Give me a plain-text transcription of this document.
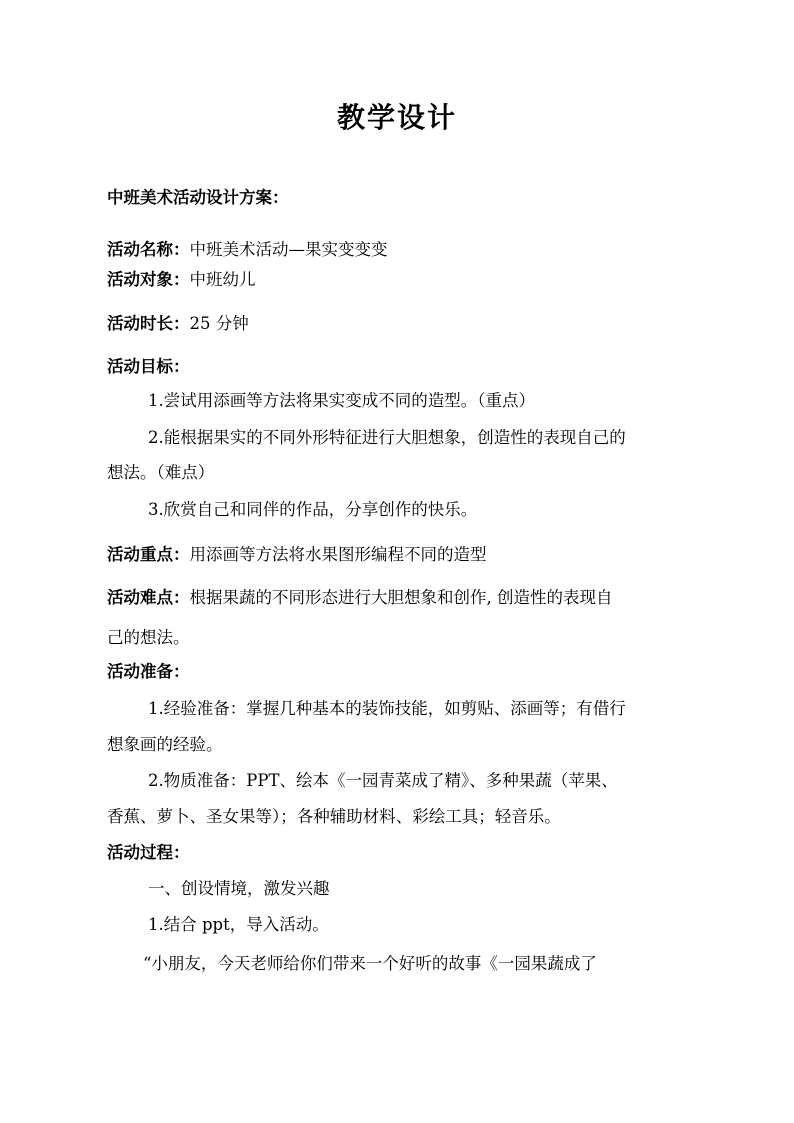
教学设计
中班美术活动设计方案：
活动名称：中班美术活动—果实变变变
活动对象：中班幼儿
活动时长：25 分钟
活动目标：
1.尝试用添画等方法将果实变成不同的造型。（重点）
2.能根据果实的不同外形特征进行大胆想象，创造性的表现自己的
想法。（难点）
3.欣赏自己和同伴的作品，分享创作的快乐。
活动重点：用添画等方法将水果图形编程不同的造型
活动难点：根据果蔬的不同形态进行大胆想象和创作, 创造性的表现自
己的想法。
活动准备：
1.经验准备：掌握几种基本的装饰技能，如剪贴、添画等；有借行
想象画的经验。
2.物质准备：PPT、绘本《一园青菜成了精》、多种果蔬（苹果、
香蕉、萝卜、圣女果等）；各种辅助材料、彩绘工具；轻音乐。
活动过程：
一、创设情境，激发兴趣
1.结合 ppt，导入活动。
“小朋友，今天老师给你们带来一个好听的故事《一园果蔬成了
